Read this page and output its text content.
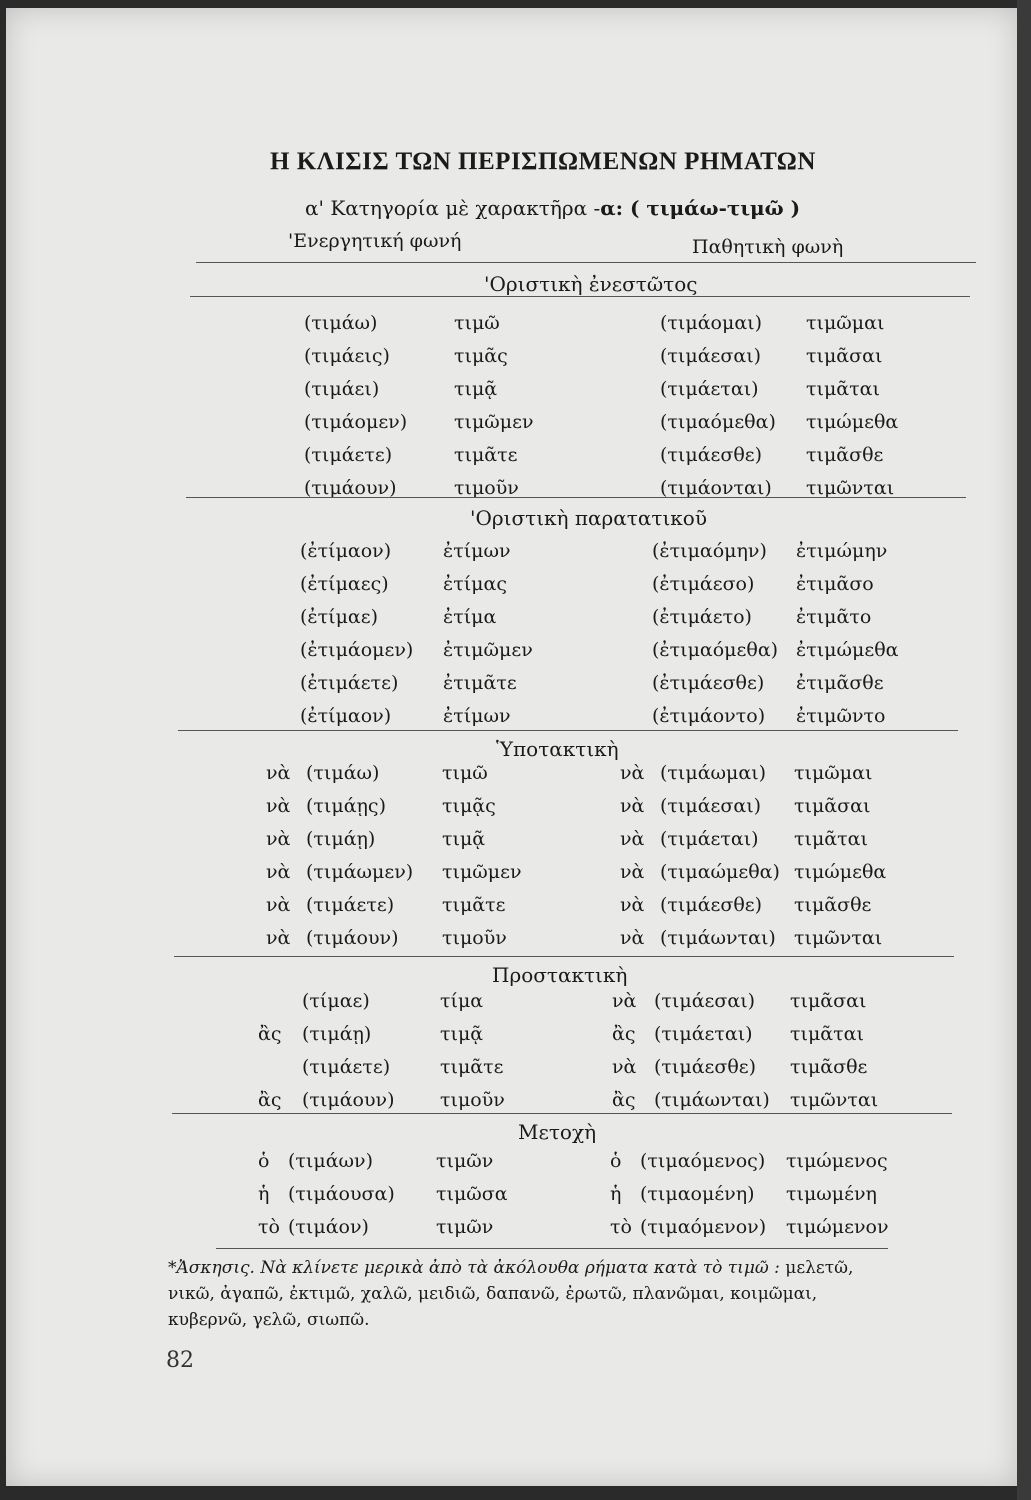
Η ΚΛΙΣΙΣ ΤΩΝ ΠΕΡΙΣΠΩΜΕΝΩΝ ΡΗΜΑΤΩΝ
α' Κατηγορία μὲ χαρακτῆρα -α: ( τιμάω-τιμῶ )
'Ενεργητική φωνή	Παθητικὴ φωνὴ
'Οριστικὴ ἐνεστῶτος
(τιμάω)	τιμῶ	(τιμάομαι) τιμῶμαι
(τιμάεις)	τιμᾶς	(τιμάεσαι) τιμᾶσαι
(τιμάει)	τιμᾷ	(τιμάεται) τιμᾶται
(τιμάομεν) τιμῶμεν	(τιμαόμεθα) τιμώμεθα
(τιμάετε)	τιμᾶτε	(τιμάεσθε) τιμᾶσθε
(τιμάουν)	τιμοῦν	(τιμάονται) τιμῶνται
'Οριστικὴ παρατατικοῦ
(ἐτίμαον)	ἐτίμων	(ἐτιμαόμην) ἐτιμώμην
(ἐτίμαες)	ἐτίμας	(ἐτιμάεσο) ἐτιμᾶσο
(ἐτίμαε)	ἐτίμα	(ἐτιμάετο) ἐτιμᾶτο
(ἐτιμάομεν) ἐτιμῶμεν	(ἐτιμαόμεθα) ἐτιμώμεθα
(ἐτιμάετε) ἐτιμᾶτε	(ἐτιμάεσθε) ἐτιμᾶσθε
(ἐτίμαον)	ἐτίμων	(ἐτιμάοντο) ἐτιμῶντο
Ὑποτακτικὴ
νὰ (τιμάω)	τιμῶ	νὰ (τιμάωμαι) τιμῶμαι
νὰ (τιμάῃς)	τιμᾷς	νὰ (τιμάεσαι) τιμᾶσαι
νὰ (τιμάῃ)	τιμᾷ	νὰ (τιμάεται) τιμᾶται
νὰ (τιμάωμεν) τιμῶμεν	νὰ (τιμαώμεθα) τιμώμεθα
νὰ (τιμάετε)	τιμᾶτε	νὰ (τιμάεσθε) τιμᾶσθε
νὰ (τιμάουν) τιμοῦν	νὰ (τιμάωνται) τιμῶνται
Προστακτικὴ
(τίμαε)	τίμα	νὰ (τιμάεσαι) τιμᾶσαι
ἂς (τιμάῃ)	τιμᾷ	ἂς (τιμάεται) τιμᾶται
(τιμάετε)	τιμᾶτε	νὰ (τιμάεσθε) τιμᾶσθε
ἂς (τιμάουν) τιμοῦν	ἂς (τιμάωνται) τιμῶνται
Μετοχὴ
ὁ (τιμάων)	τιμῶν	ὁ (τιμαόμενος) τιμώμενος
ἡ (τιμάουσα) τιμῶσα	ἡ (τιμαομένη) τιμωμένη
τὸ (τιμάον)	τιμῶν	τὸ (τιμαόμενον) τιμώμενον
*Ἀσκησις. Νὰ κλίνετε μερικὰ ἀπὸ τὰ ἀκόλουθα ρήματα κατὰ τὸ τιμῶ : μελετῶ,
νικῶ, ἀγαπῶ, ἐκτιμῶ, χαλῶ, μειδιῶ, δαπανῶ, ἐρωτῶ, πλανῶμαι, κοιμῶμαι,
κυβερνῶ, γελῶ, σιωπῶ.
82
